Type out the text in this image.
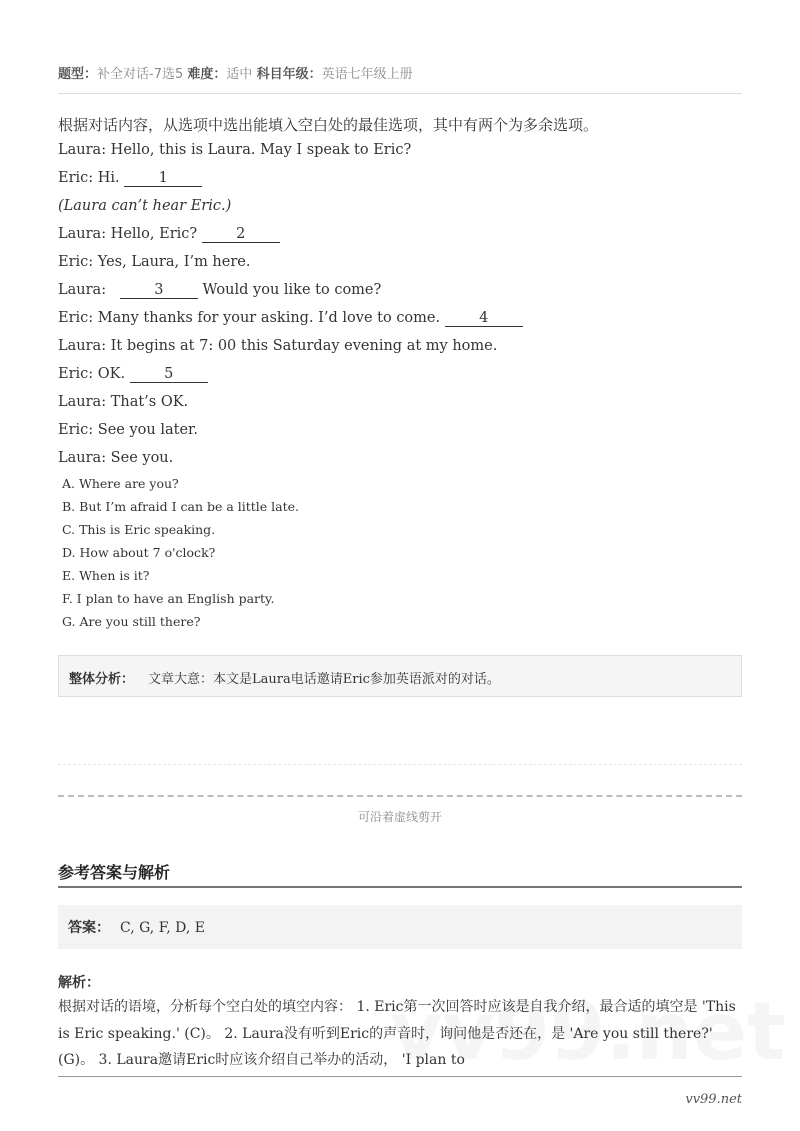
题型：补全对话-7选5 难度：适中 科目年级：英语七年级上册
根据对话内容，从选项中选出能填入空白处的最佳选项，其中有两个为多余选项。
Laura: Hello, this is Laura. May I speak to Eric?
Eric: Hi. 1
(Laura can’t hear Eric.)
Laura: Hello, Eric? 2
Eric: Yes, Laura, I’m here.
Laura:   3 Would you like to come?
Eric: Many thanks for your asking. I’d love to come. 4
Laura: It begins at 7: 00 this Saturday evening at my home.
Eric: OK. 5
Laura: That’s OK.
Eric: See you later.
Laura: See you.
A. Where are you?
B. But I’m afraid I can be a little late.
C. This is Eric speaking.
D. How about 7 o'clock?
E. When is it?
F. I plan to have an English party.
G. Are you still there?
整体分析： 文章大意：本文是Laura电话邀请Eric参加英语派对的对话。
可沿着虚线剪开
参考答案与解析
答案： C, G, F, D, E
解析：
根据对话的语境，分析每个空白处的填空内容： 1. Eric第一次回答时应该是自我介绍，最合适的填空是 'This is Eric speaking.' (C)。 2. Laura没有听到Eric的声音时，询问他是否还在，是 'Are you still there?' (G)。 3. Laura邀请Eric时应该介绍自己举办的活动， 'I plan to
vv99.net
